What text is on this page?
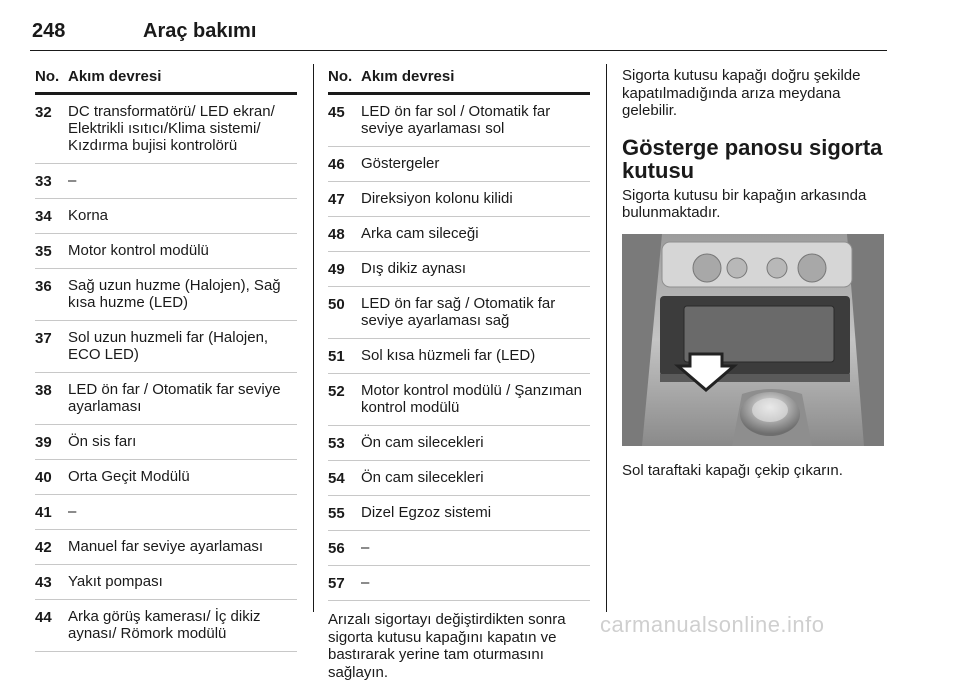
248	Araç bakımı
No. Akım devresi
32 DC transformatörü/ LED ekran/ Elektrikli ısıtıcı/Klima sistemi/ Kızdırma bujisi kontrolörü
33 –
34 Korna
35 Motor kontrol modülü
36 Sağ uzun huzme (Halojen), Sağ kısa huzme (LED)
37 Sol uzun huzmeli far (Halojen, ECO LED)
38 LED ön far / Otomatik far seviye ayarlaması
39 Ön sis farı
40 Orta Geçit Modülü
41 –
42 Manuel far seviye ayarlaması
43 Yakıt pompası
44 Arka görüş kamerası/ İç dikiz aynası/ Römork modülü
No. Akım devresi
45 LED ön far sol / Otomatik far seviye ayarlaması sol
46 Göstergeler
47 Direksiyon kolonu kilidi
48 Arka cam sileceği
49 Dış dikiz aynası
50 LED ön far sağ / Otomatik far seviye ayarlaması sağ
51 Sol kısa hüzmeli far (LED)
52 Motor kontrol modülü / Şanzıman kontrol modülü
53 Ön cam silecekleri
54 Ön cam silecekleri
55 Dizel Egzoz sistemi
56 –
57 –

Arızalı sigortayı değiştirdikten sonra sigorta kutusu kapağını kapatın ve bastırarak yerine tam oturmasını sağlayın.

Sigorta kutusu kapağı doğru şekilde kapatılmadığında arıza meydana gelebilir.

Gösterge panosu sigorta kutusu

Sigorta kutusu bir kapağın arkasında bulunmaktadır.

Sol taraftaki kapağı çekip çıkarın.

carmanualsonline.info
